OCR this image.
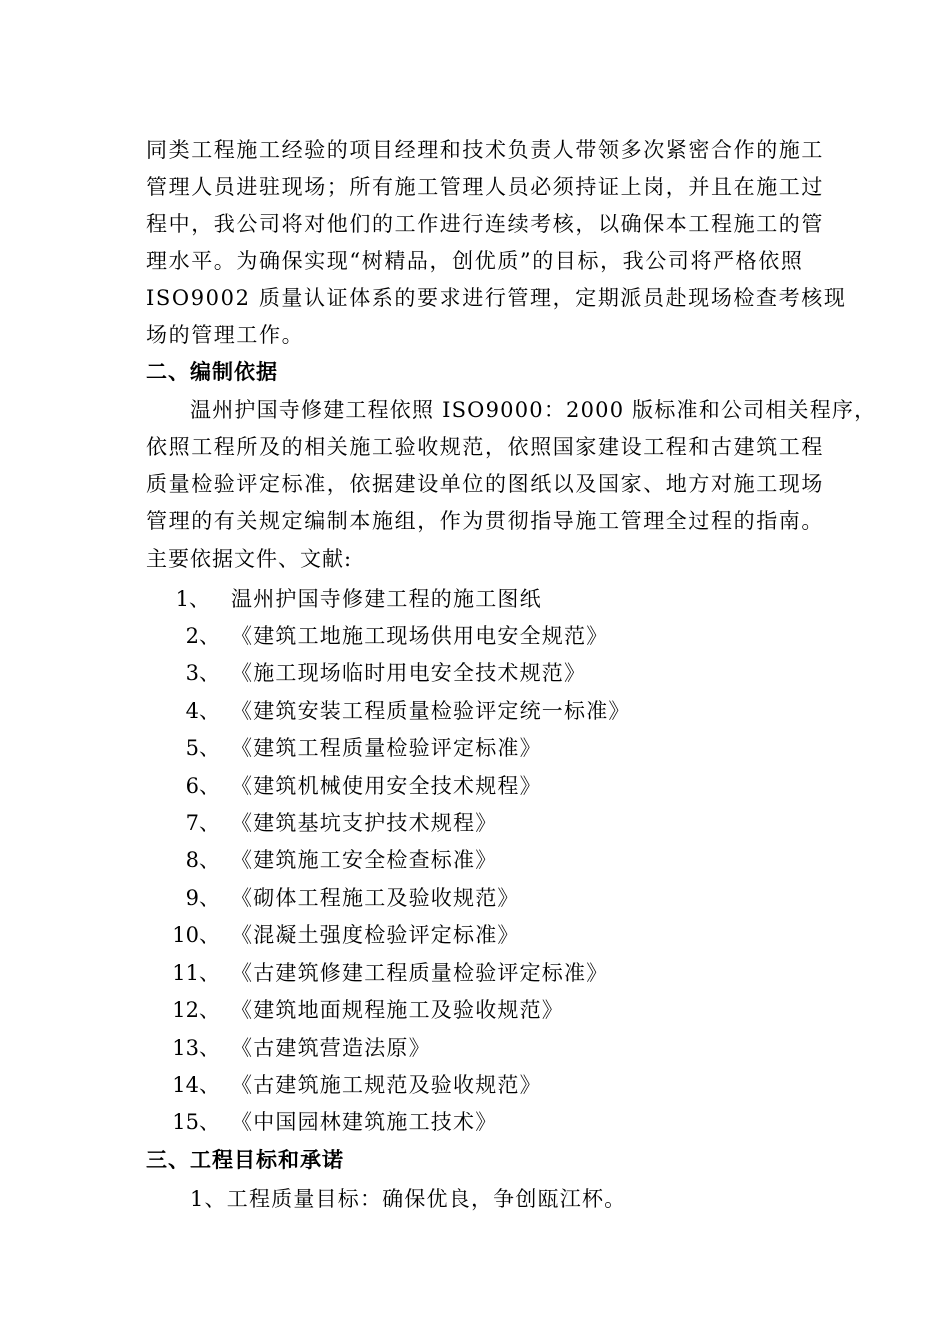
同类工程施工经验的项目经理和技术负责人带领多次紧密合作的施工
管理人员进驻现场；所有施工管理人员必须持证上岗，并且在施工过
程中，我公司将对他们的工作进行连续考核，以确保本工程施工的管
理水平。为确保实现“树精品，创优质”的目标，我公司将严格依照
ISO9002 质量认证体系的要求进行管理，定期派员赴现场检查考核现
场的管理工作。
二、编制依据
温州护国寺修建工程依照 ISO9000：2000 版标准和公司相关程序，
依照工程所及的相关施工验收规范，依照国家建设工程和古建筑工程
质量检验评定标准，依据建设单位的图纸以及国家、地方对施工现场
管理的有关规定编制本施组，作为贯彻指导施工管理全过程的指南。
主要依据文件、文献:
1、 温州护国寺修建工程的施工图纸
2、 《建筑工地施工现场供用电安全规范》
3、 《施工现场临时用电安全技术规范》
4、 《建筑安装工程质量检验评定统一标准》
5、 《建筑工程质量检验评定标准》
6、 《建筑机械使用安全技术规程》
7、 《建筑基坑支护技术规程》
8、 《建筑施工安全检查标准》
9、 《砌体工程施工及验收规范》
10、 《混凝土强度检验评定标准》
11、 《古建筑修建工程质量检验评定标准》
12、 《建筑地面规程施工及验收规范》
13、 《古建筑营造法原》
14、 《古建筑施工规范及验收规范》
15、 《中国园林建筑施工技术》
三、工程目标和承诺
1、工程质量目标：确保优良，争创瓯江杯。
